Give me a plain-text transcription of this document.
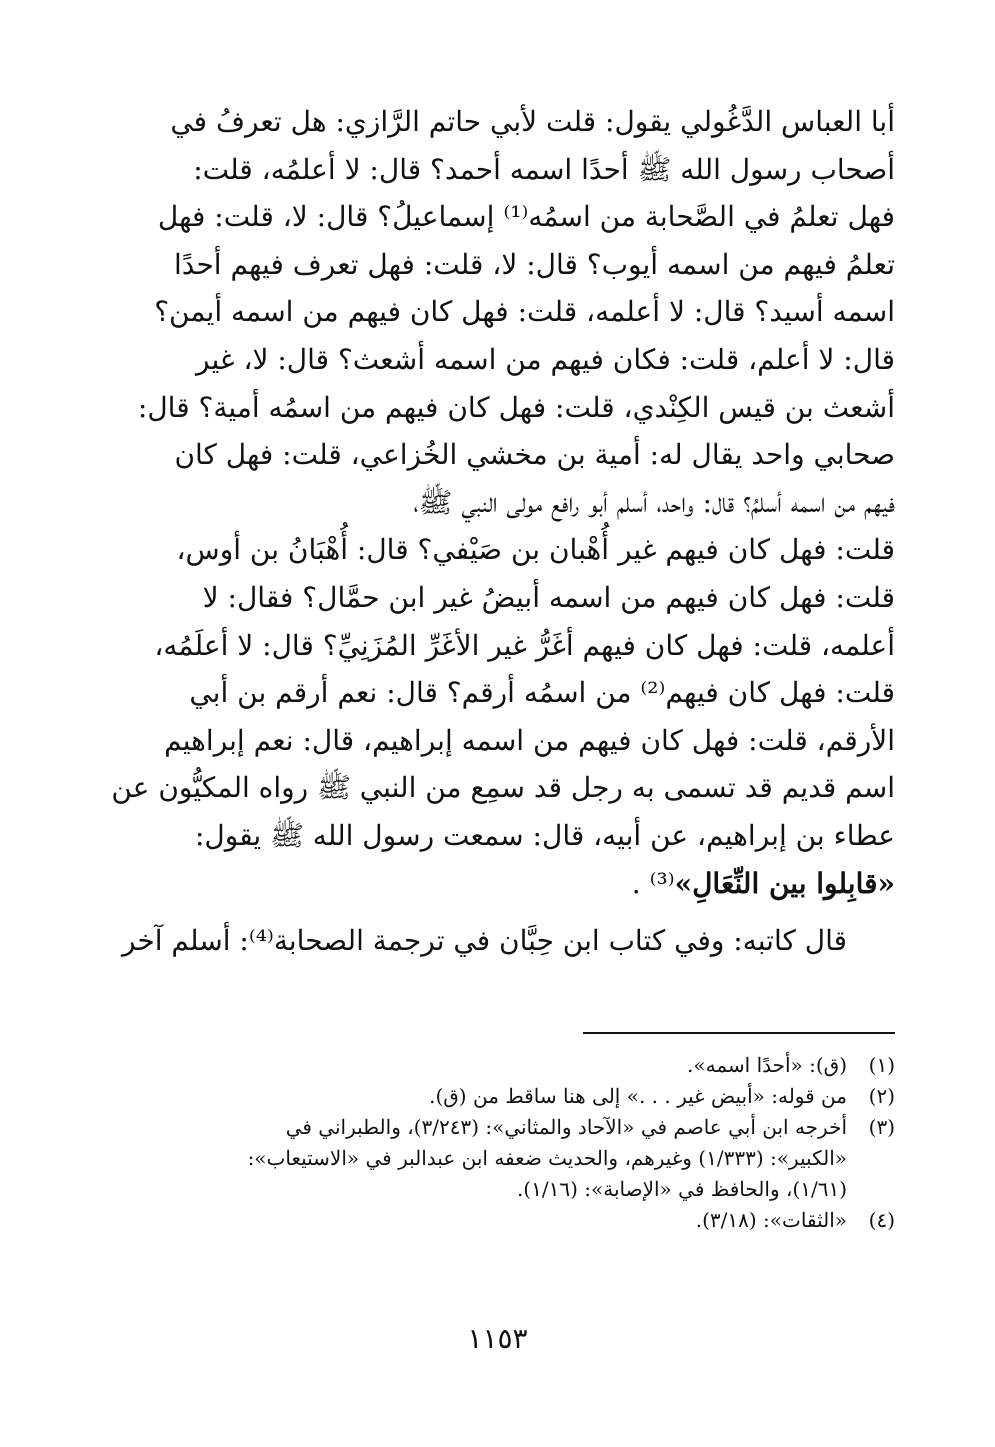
أبا العباس الدَّغُولي يقول: قلت لأبي حاتم الرَّازي: هل تعرفُ في
أصحاب رسول الله ﷺ أحدًا اسمه أحمد؟ قال: لا أعلمُه، قلت:
فهل تعلمُ في الصَّحابة من اسمُه⁽¹⁾ إسماعيلُ؟ قال: لا، قلت: فهل
تعلمُ فيهم من اسمه أيوب؟ قال: لا، قلت: فهل تعرف فيهم أحدًا
اسمه أسيد؟ قال: لا أعلمه، قلت: فهل كان فيهم من اسمه أيمن؟
قال: لا أعلم، قلت: فكان فيهم من اسمه أشعث؟ قال: لا، غير
أشعث بن قيس الكِنْدي، قلت: فهل كان فيهم من اسمُه أمية؟ قال:
صحابي واحد يقال له: أمية بن مخشي الخُزاعي، قلت: فهل كان
فيهم من اسمه أسلمُ؟ قال: واحد، أسلم أبو رافع مولى النبي ﷺ،
قلت: فهل كان فيهم غير أُهْبان بن صَيْفي؟ قال: أُهْبَانُ بن أوس،
قلت: فهل كان فيهم من اسمه أبيضُ غير ابن حمَّال؟ فقال: لا
أعلمه، قلت: فهل كان فيهم أغَرُّ غير الأغَرِّ المُزَنِيِّ؟ قال: لا أعلَمُه،
قلت: فهل كان فيهم⁽²⁾ من اسمُه أرقم؟ قال: نعم أرقم بن أبي
الأرقم، قلت: فهل كان فيهم من اسمه إبراهيم، قال: نعم إبراهيم
اسم قديم قد تسمى به رجل قد سمِع من النبي ﷺ رواه المكيُّون عن
عطاء بن إبراهيم، عن أبيه، قال: سمعت رسول الله ﷺ يقول:
«قابِلوا بين النِّعَالِ»⁽³⁾ .
قال كاتبه: وفي كتاب ابن حِبَّان في ترجمة الصحابة⁽⁴⁾: أسلم آخر
(١)
(ق): «أحدًا اسمه».
(٢)
من قوله: «أبيض غير . . .» إلى هنا ساقط من (ق).
(٣)
أخرجه ابن أبي عاصم في «الآحاد والمثاني»: (٣/٢٤٣)، والطبراني في
«الكبير»: (١/٣٣٣) وغيرهم، والحديث ضعفه ابن عبدالبر في «الاستيعاب»:
(١/٦١)، والحافظ في «الإصابة»: (١/١٦).
(٤)
«الثقات»: (٣/١٨).
١١٥٣
